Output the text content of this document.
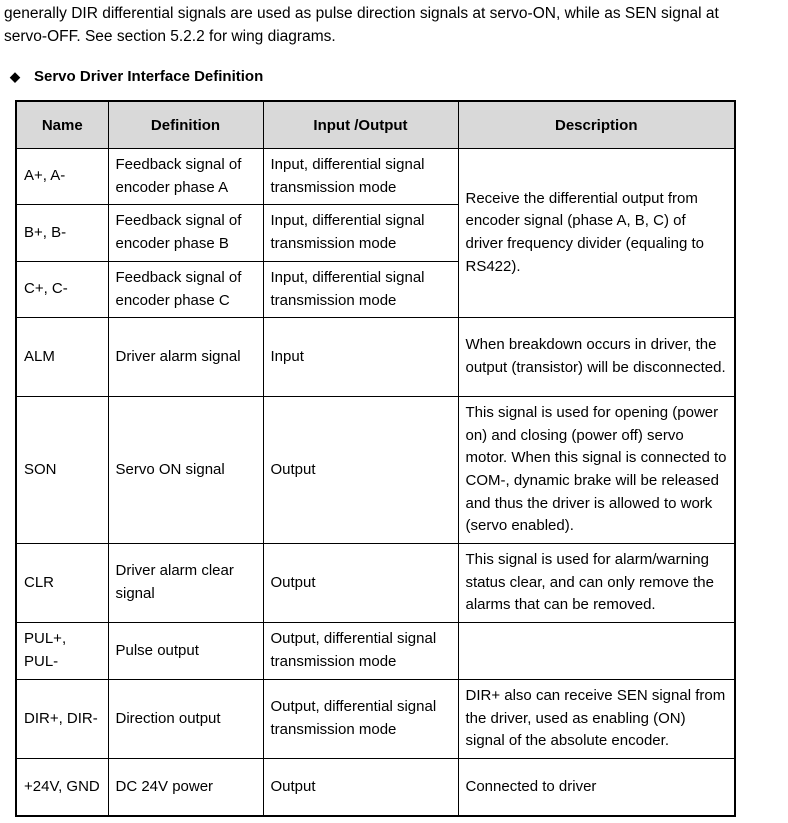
generally DIR differential signals are used as pulse direction signals at servo-ON, while as SEN signal at
servo-OFF. See section 5.2.2 for wing diagrams.

◆ Servo Driver Interface Definition
Name	Definition	Input /Output	Description
A+, A-	Feedback signal of encoder phase A	Input, differential signal transmission mode	Receive the differential output from encoder signal (phase A, B, C) of driver frequency divider (equaling to RS422).
B+, B-	Feedback signal of encoder phase B	Input, differential signal transmission mode	
C+, C-	Feedback signal of encoder phase C	Input, differential signal transmission mode	
ALM	Driver alarm signal	Input	When breakdown occurs in driver, the output (transistor) will be disconnected.
SON	Servo ON signal	Output	This signal is used for opening (power on) and closing (power off) servo motor. When this signal is connected to COM-, dynamic brake will be released and thus the driver is allowed to work (servo enabled).
CLR	Driver alarm clear signal	Output	This signal is used for alarm/warning status clear, and can only remove the alarms that can be removed.
PUL+, PUL-	Pulse output	Output, differential signal transmission mode	
DIR+, DIR-	Direction output	Output, differential signal transmission mode	DIR+ also can receive SEN signal from the driver, used as enabling (ON) signal of the absolute encoder.
+24V, GND	DC 24V power	Output	Connected to driver
